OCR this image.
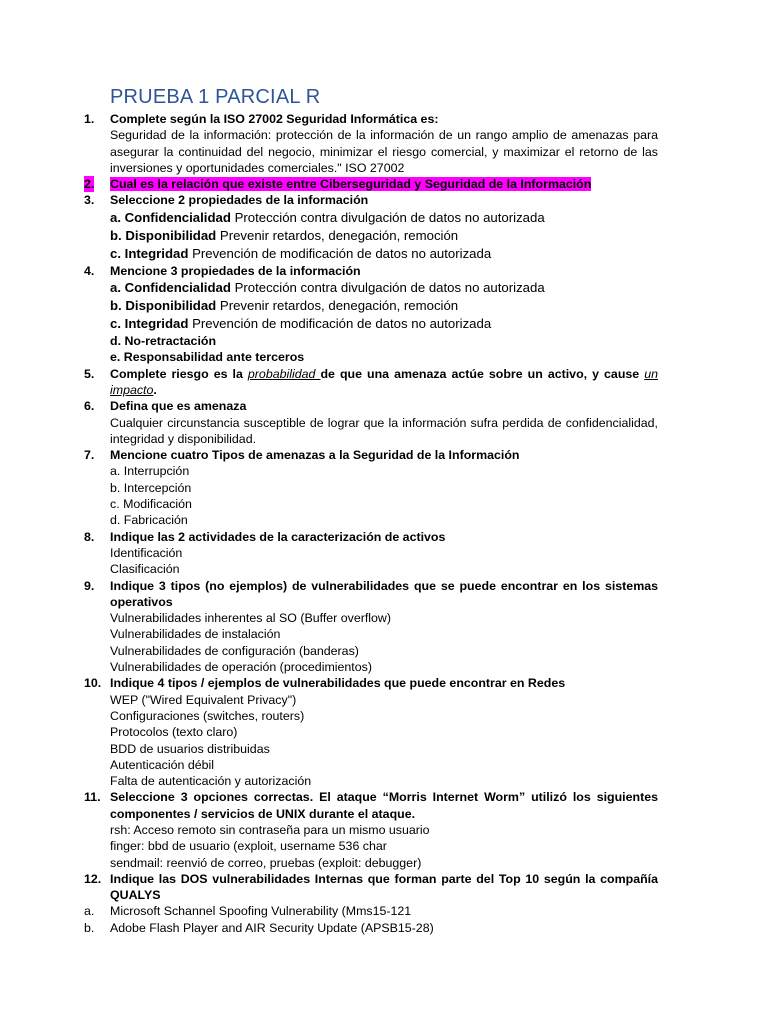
PRUEBA 1 PARCIAL R
1. Complete según la ISO 27002 Seguridad Informática es:
Seguridad de la información: protección de la información de un rango amplio de amenazas para asegurar la continuidad del negocio, minimizar el riesgo comercial, y maximizar el retorno de las inversiones y oportunidades comerciales." ISO 27002
2. Cual es la relación que existe entre Ciberseguridad y Seguridad de la Información
3. Seleccione 2 propiedades de la información
a. Confidencialidad Protección contra divulgación de datos no autorizada
b. Disponibilidad Prevenir retardos, denegación, remoción
c. Integridad Prevención de modificación de datos no autorizada
4. Mencione 3 propiedades de la información
a. Confidencialidad Protección contra divulgación de datos no autorizada
b. Disponibilidad Prevenir retardos, denegación, remoción
c. Integridad Prevención de modificación de datos no autorizada
d. No-retractación
e. Responsabilidad ante terceros
5. Complete riesgo es la probabilidad de que una amenaza actúe sobre un activo, y cause un impacto.
6. Defina que es amenaza
Cualquier circunstancia susceptible de lograr que la información sufra perdida de confidencialidad, integridad y disponibilidad.
7. Mencione cuatro Tipos de amenazas a la Seguridad de la Información
a. Interrupción
b. Intercepción
c. Modificación
d. Fabricación
8. Indique las 2 actividades de la caracterización de activos
Identificación
Clasificación
9. Indique 3 tipos (no ejemplos) de vulnerabilidades que se puede encontrar en los sistemas operativos
Vulnerabilidades inherentes al SO (Buffer overflow)
Vulnerabilidades de instalación
Vulnerabilidades de configuración (banderas)
Vulnerabilidades de operación (procedimientos)
10. Indique 4 tipos / ejemplos de vulnerabilidades que puede encontrar en Redes
WEP ("Wired Equivalent Privacy")
Configuraciones (switches, routers)
Protocolos (texto claro)
BDD de usuarios distribuidas
Autenticación débil
Falta de autenticación y autorización
11. Seleccione 3 opciones correctas. El ataque “Morris Internet Worm” utilizó los siguientes componentes / servicios de UNIX durante el ataque.
rsh: Acceso remoto sin contraseña para un mismo usuario
finger: bbd de usuario (exploit, username 536 char
sendmail: reenvió de correo, pruebas (exploit: debugger)
12. Indique las DOS vulnerabilidades Internas que forman parte del Top 10 según la compañía QUALYS
a. Microsoft Schannel Spoofing Vulnerability (Mms15-121
b. Adobe Flash Player and AIR Security Update (APSB15-28)
